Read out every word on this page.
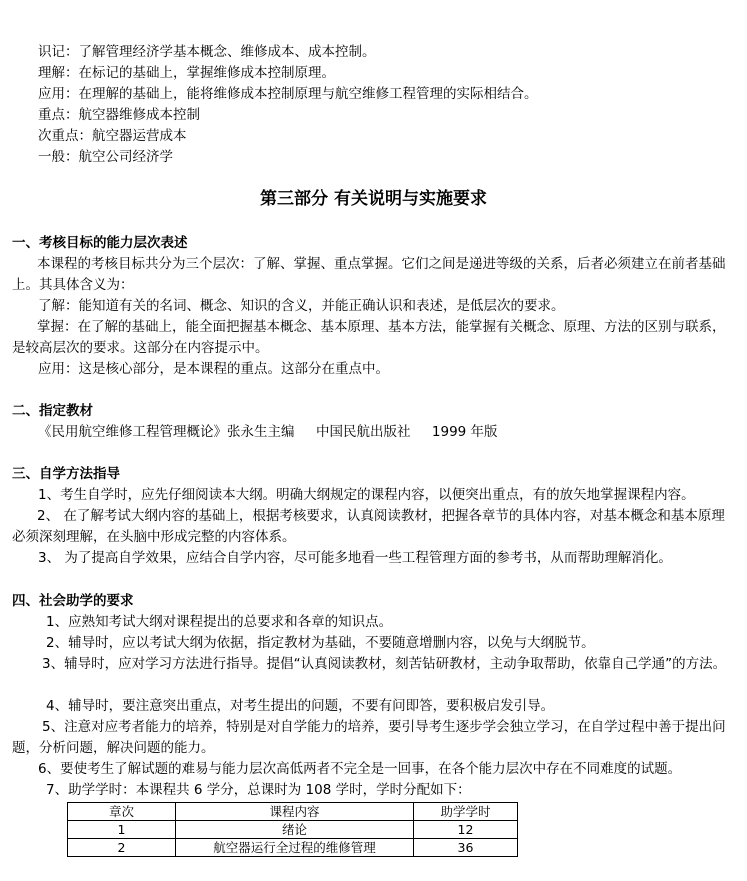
识记：了解管理经济学基本概念、维修成本、成本控制。
理解：在标记的基础上，掌握维修成本控制原理。
应用：在理解的基础上，能将维修成本控制原理与航空维修工程管理的实际相结合。
重点：航空器维修成本控制
次重点：航空器运营成本
一般：航空公司经济学
第三部分 有关说明与实施要求
一、考核目标的能力层次表述
本课程的考核目标共分为三个层次：了解、掌握、重点掌握。它们之间是递进等级的关系，后者必须建立在前者基础上。其具体含义为：
了解：能知道有关的名词、概念、知识的含义，并能正确认识和表述，是低层次的要求。
掌握：在了解的基础上，能全面把握基本概念、基本原理、基本方法，能掌握有关概念、原理、方法的区别与联系，是较高层次的要求。这部分在内容提示中。
应用：这是核心部分，是本课程的重点。这部分在重点中。
二、指定教材
《民用航空维修工程管理概论》张永生主编     中国民航出版社     1999 年版
三、自学方法指导
1、考生自学时，应先仔细阅读本大纲。明确大纲规定的课程内容，以便突出重点，有的放矢地掌握课程内容。
2、 在了解考试大纲内容的基础上，根据考核要求，认真阅读教材，把握各章节的具体内容，对基本概念和基本原理必须深刻理解，在头脑中形成完整的内容体系。
3、 为了提高自学效果，应结合自学内容，尽可能多地看一些工程管理方面的参考书，从而帮助理解消化。
四、社会助学的要求
1、应熟知考试大纲对课程提出的总要求和各章的知识点。
2、辅导时，应以考试大纲为依据，指定教材为基础，不要随意增删内容，以免与大纲脱节。
3、辅导时，应对学习方法进行指导。提倡“认真阅读教材，刻苦钻研教材，主动争取帮助，依靠自己学通”的方法。
4、辅导时，要注意突出重点，对考生提出的问题，不要有问即答，要积极启发引导。
5、注意对应考者能力的培养，特别是对自学能力的培养，要引导考生逐步学会独立学习，在自学过程中善于提出问题，分析问题，解决问题的能力。
6、要使考生了解试题的难易与能力层次高低两者不完全是一回事，在各个能力层次中存在不同难度的试题。
7、助学学时：本课程共 6 学分，总课时为 108 学时，学时分配如下：
章次	课程内容	助学学时
1	绪论	12
2	航空器运行全过程的维修管理	36
